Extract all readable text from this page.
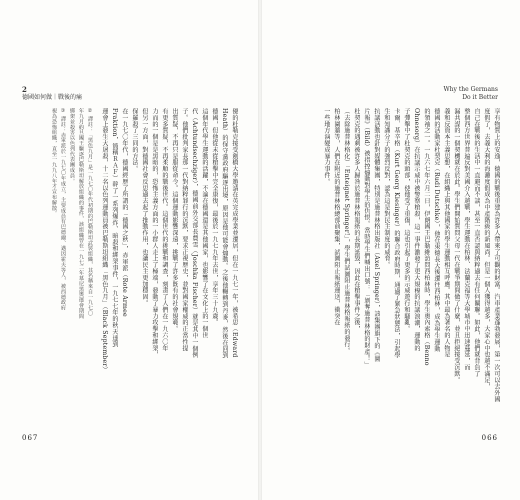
2
德國如何做｜戰後的痛
優的杜勒克接受劍橋大學邀請在英完成學業並遷居，但在一九七一年，被希思（Edward
Heath）的保守黨政府驅逐出境，原因是他可能會煽動。之後他輾轉到丹麥，然後在回到
德國，但他從未從槍擊中完全康復，最後於一九七九年去世，享年三十九歲。
這個年代學生運動的活躍，不論在德國還是其他國家，也影響了在文化上的一個世
代（Achtundsechziger），德國前外交部長費雪（Joschka Fischer）就是其中一個例
子。他們批判家長那一代對納粹罪行的沉默，要求正視歷史，並對國家權威的正當性提
出質疑，不再只是服從命令。這個運動影響深遠，挑戰了許多既有的社會規範。
有更多質疑，不再柔順的戰後世代。這個世代的挑戰和調查，刻畫了人們在一九六〇年
力而的一個是是黑暗的，恐怖主義方面的一小群人走上了極端，發動了暴力攻擊和綁架，
但另一方面，對德國社會反思過去起了推動作用，也讓民主更加穩固。
保羅殺了三同的方法。
在一九七〇年代，德國經歷了所謂的「德國之秋」，赤軍派（Rote Armee
Fraktion，簡稱ＲＡＦ）幹了一系列爆炸、暗殺和綁架事件，一九七七年的秋天達到
運會上發生大屠殺，十二名以色列運動員被巴勒斯坦組織「黑色九月」（Black September）
② 譯註：「黑色九月」是一九七〇年代初期的巴勒斯坦武裝組織，其名稱來自一九七〇
年九月約旦國王驅逐巴勒斯坦解放組織的事件，該組織曾在一九七二年慕尼黑奧運會期間
綁架並殺害以色列代表團成員。
③ 譯註：赤軍派於一九七〇年成立，主要成員有巴德爾、邁因霍夫等人，被西德政府
視為恐怖組織，直至一九九八年才宣布解散。
067
Why the Germans
Do it Better
享有物質上的安逸，德國的戰後重建為許多人帶來了可觀的財富。汽車產業蓬勃發展，第一次可以去外國
度假了，去義大利的海灘度假成為中產階級的新風尚。但是一個人獲得越多，大家心中也越不滿足，
自己在戰後的生活中一直避而不談，甚至一直否認與納粹過去有任何關聯。如此，他們就背負了
整個西方世界普遍反對美國介入越戰，學生運動在柏林、法蘭克福等大學城市中迅速蔓延，而
漏共謀的一個契機就在於此。學生們開始質問父母一代在戰爭期間做了什麼，並且拒絕接受沉默。
義和反資本主義思想，在組織上與其他國家的學生運動相互呼應。其中最為著名的人物是
德國的活動家杜契克（Rudi Dutschke），他在東德長大後遷往西柏林，成為學生運動
的領袖之一。一九六七年六月二日，伊朗國王巴勒維訪問西柏林時，學生奧內索格（Benno
Ohnesorg）在抗議示威中被警察槍殺，這一事件激發了更大規模的抗議浪潮，運動的
子彈擊中了杜契克的頭部，使他受了重傷，這也引起了更多的示威遊行和騷亂。
卡爾．基辛格（Kurt Georg Kiesinger）的聯合政府時期，通過了緊急狀態法，引起學
生和知識分子的強烈反對，認為這是對民主制度的威脅。
抗議活動也針對媒體集團，特別是施普林格出版社（Axel Springer），該集團旗下的《圖
片報》（Bild）被指控煽動對學生的仇恨。當時學生們喊出口號：「剝奪施普林格的財產！」
杜契克的遇刺被許多人歸咎於施普林格報紙的長期詆毀，因此在槍擊事件之後，
（去除施普林格化）「Enteignet Springer!」，學生們試圖阻止施普林格報紙的發行。
柏林圍牆等，人們在附近的施普林格總部前聚集，試圖阻止報紙運送，衝突在
一些地方演變成暴力事件。
066
